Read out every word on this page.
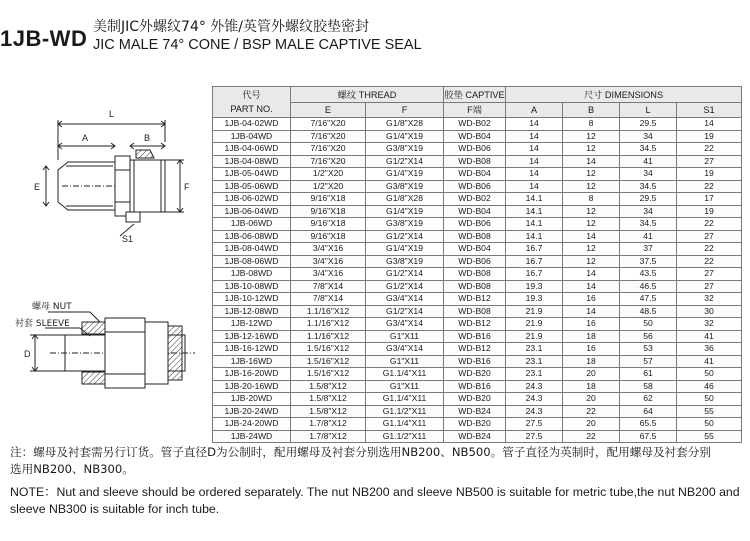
1JB-WD 美制JIC外螺纹74° 外锥/英管外螺纹胶垫密封
JIC MALE 74° CONE / BSP MALE CAPTIVE SEAL
L
A	B
E	F
S1
D
螺母 NUT
衬套 SLEEVE
代号
PART NO.	螺纹 THREAD		胶垫 CAPTIVE	尺寸 DIMENSIONS			
	E	F	F端	A	B	L	S1
1JB-04-02WD	7/16"X20	G1/8"X28	WD-B02	14	8	29.5	14
1JB-04WD	7/16"X20	G1/4"X19	WD-B04	14	12	34	19
1JB-04-06WD	7/16"X20	G3/8"X19	WD-B06	14	12	34.5	22
1JB-04-08WD	7/16"X20	G1/2"X14	WD-B08	14	14	41	27
1JB-05-04WD	1/2"X20	G1/4"X19	WD-B04	14	12	34	19
1JB-05-06WD	1/2"X20	G3/8"X19	WD-B06	14	12	34.5	22
1JB-06-02WD	9/16"X18	G1/8"X28	WD-B02	14.1	8	29.5	17
1JB-06-04WD	9/16"X18	G1/4"X19	WD-B04	14.1	12	34	19
1JB-06WD	9/16"X18	G3/8"X19	WD-B06	14.1	12	34.5	22
1JB-06-08WD	9/16"X18	G1/2"X14	WD-B08	14.1	14	41	27
1JB-08-04WD	3/4"X16	G1/4"X19	WD-B04	16.7	12	37	22
1JB-08-06WD	3/4"X16	G3/8"X19	WD-B06	16.7	12	37.5	22
1JB-08WD	3/4"X16	G1/2"X14	WD-B08	16.7	14	43.5	27
1JB-10-08WD	7/8"X14	G1/2"X14	WD-B08	19.3	14	46.5	27
1JB-10-12WD	7/8"X14	G3/4"X14	WD-B12	19.3	16	47.5	32
1JB-12-08WD	1.1/16"X12	G1/2"X14	WD-B08	21.9	14	48.5	30
1JB-12WD	1.1/16"X12	G3/4"X14	WD-B12	21.9	16	50	32
1JB-12-16WD	1.1/16"X12	G1"X11	WD-B16	21.9	18	56	41
1JB-16-12WD	1.5/16"X12	G3/4"X14	WD-B12	23.1	16	53	36
1JB-16WD	1.5/16"X12	G1"X11	WD-B16	23.1	18	57	41
1JB-16-20WD	1.5/16"X12	G1.1/4"X11	WD-B20	23.1	20	61	50
1JB-20-16WD	1.5/8"X12	G1"X11	WD-B16	24.3	18	58	46
1JB-20WD	1.5/8"X12	G1.1/4"X11	WD-B20	24.3	20	62	50
1JB-20-24WD	1.5/8"X12	G1.1/2"X11	WD-B24	24.3	22	64	55
1JB-24-20WD	1.7/8"X12	G1.1/4"X11	WD-B20	27.5	20	65.5	50
1JB-24WD	1.7/8"X12	G1.1/2"X11	WD-B24	27.5	22	67.5	55
注：螺母及衬套需另行订货。管子直径D为公制时，配用螺母及衬套分别选用NB200、NB500。管子直径为英制时，配用螺母及衬套分别
选用NB200、NB300。
NOTE：Nut and sleeve should be ordered separately. The nut NB200 and sleeve NB500 is suitable for metric tube,the nut NB200 and
sleeve NB300 is suitable for inch tube.
